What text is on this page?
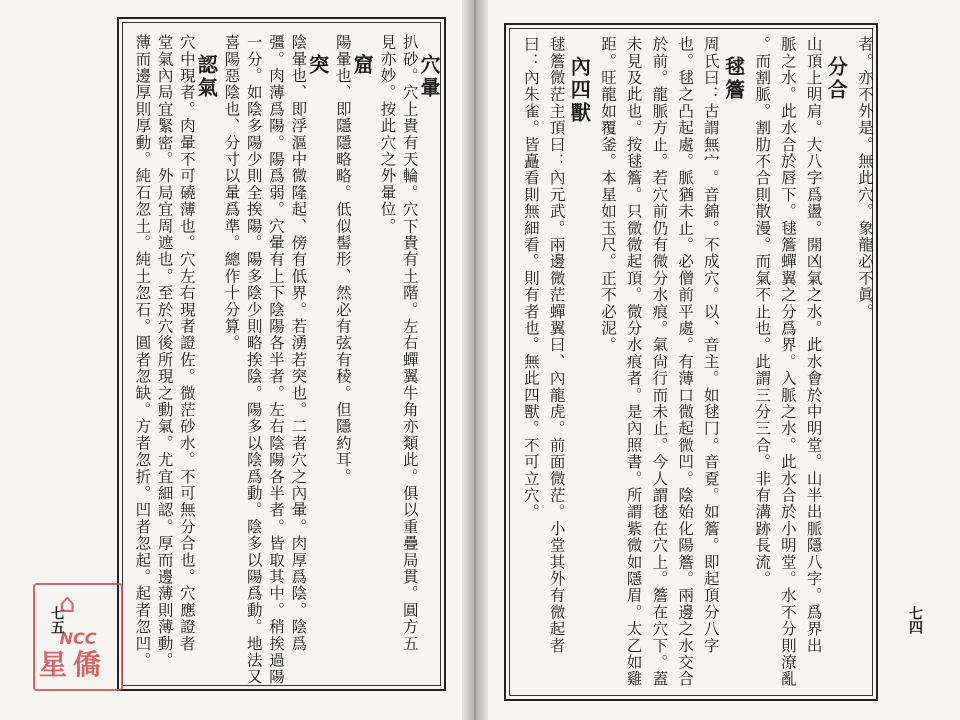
者。亦不外是。無此穴。象龍必不眞。
分合
山頂上明肩。大八字爲盪。開凶氣之水。此水會於中明堂。山半出脈隱八字。爲界出
脈之水。此水合於唇下。毬簷蟬翼之分爲界。入脈之水。此水合於小明堂。水不分則潦亂
。而割脈。割肋不合則散漫。而氣不止也。此謂三分三合。非有溝跡長流。
毬簷
周氏曰：古謂無宀。音錦。不成穴。以、音主。如毬冂。音覔。如簷。即起頂分八字
也。毬之凸起處。脈猶未止。必僧前平處。有薄口微起微凹。陰始化陽簷。兩邊之水交合
於前。龍脈方止。若穴前仍有微分水痕。氣尙行而未止。今人謂毬在穴上。簷在穴下。蓋
未見及此也。按毬簷。只微微起頂。微分水痕者。是內照書。所謂紫微如隱眉。太乙如雞
距。旺龍如覆釜。本星如玉尺。正不必泥。
內四獸
毬簷微茫主頂曰：內元武。兩邊微茫蟬翼曰、內龍虎。前面微茫。小堂其外有微起者
曰：內朱雀。皆矗看則無細看。則有者也。無此四獸。不可立穴。
穴暈
扒砂。穴上貴有天輪。穴下貴有土階。左右蟬翼牛角亦類此。俱以重疊局貫。圓方五
見亦妙。按此穴之外暈位。
窟
陽暈也、即隱隱略略。低似髻形、然必有弦有稜。但隱約耳。
突
陰暈也、即浮漚中微隆起、傍有低界。若湧若突也。二者穴之內暈。肉厚爲陰。陰爲
彊。肉薄爲陽。陽爲弱。穴暈有上下陰陽各半者。左右陰陽各半者。皆取其中。稍挨過陽
一分。如陰多陽少則全挨陽。陽多陰少則略挨陰。陽多以陰爲動。陰多以陽爲動。地法又
喜陽惡陰也、分寸以暈爲準。總作十分算。
認氣
穴中現者。肉暈不可磽薄也。穴左右現者證佐。微茫砂水。不可無分合也。穴應證者
堂氣內局宜緊密。外局宜周遮也。至於穴後所現之動氣。尤宜細認。厚而邊薄則薄動。
薄而邊厚則厚動。純石忽土。純土忽石。圓者忽缺。方者忽折。凹者忽起。起者忽凹。	七四
七五
⌂
NCC
星僑
